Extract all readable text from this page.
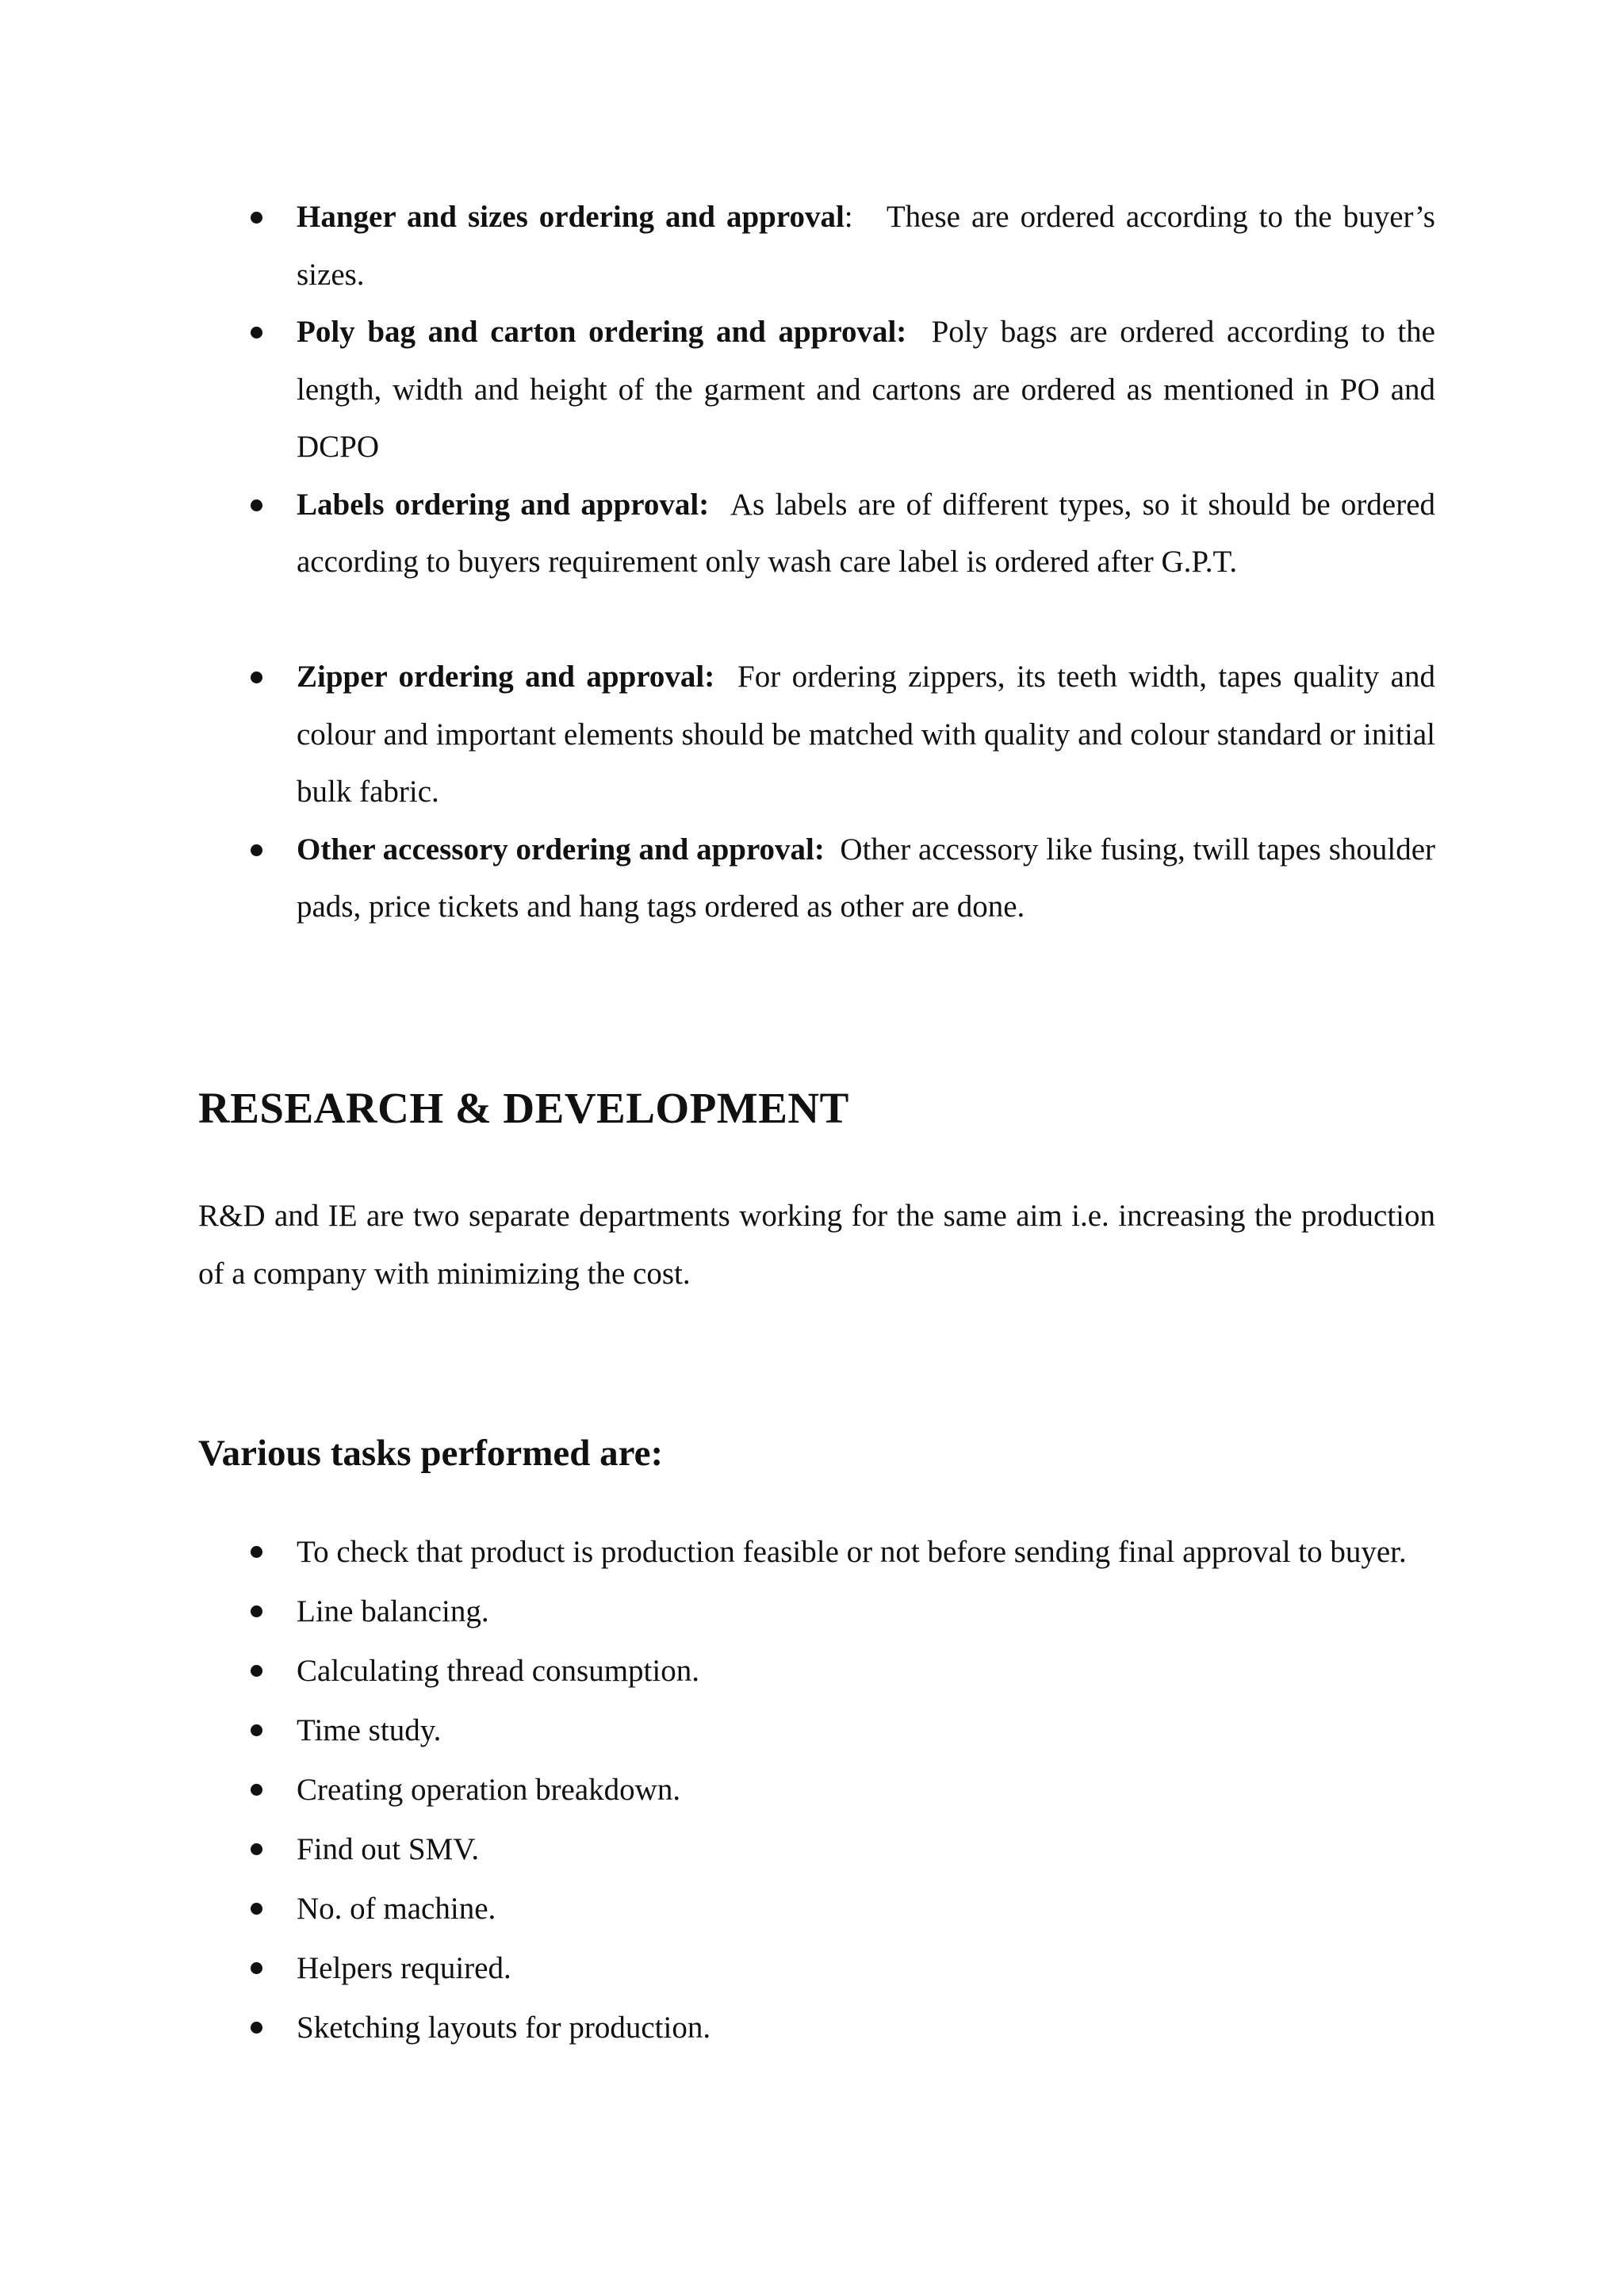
Hanger and sizes ordering and approval: These are ordered according to the buyer’s sizes.
Poly bag and carton ordering and approval: Poly bags are ordered according to the length, width and height of the garment and cartons are ordered as mentioned in PO and DCPO
Labels ordering and approval: As labels are of different types, so it should be ordered according to buyers requirement only wash care label is ordered after G.P.T.
Zipper ordering and approval: For ordering zippers, its teeth width, tapes quality and colour and important elements should be matched with quality and colour standard or initial bulk fabric.
Other accessory ordering and approval: Other accessory like fusing, twill tapes shoulder pads, price tickets and hang tags ordered as other are done.
RESEARCH & DEVELOPMENT

R&D and IE are two separate departments working for the same aim i.e. increasing the production of a company with minimizing the cost.

Various tasks performed are:
To check that product is production feasible or not before sending final approval to buyer.
Line balancing.
Calculating thread consumption.
Time study.
Creating operation breakdown.
Find out SMV.
No. of machine.
Helpers required.
Sketching layouts for production.
